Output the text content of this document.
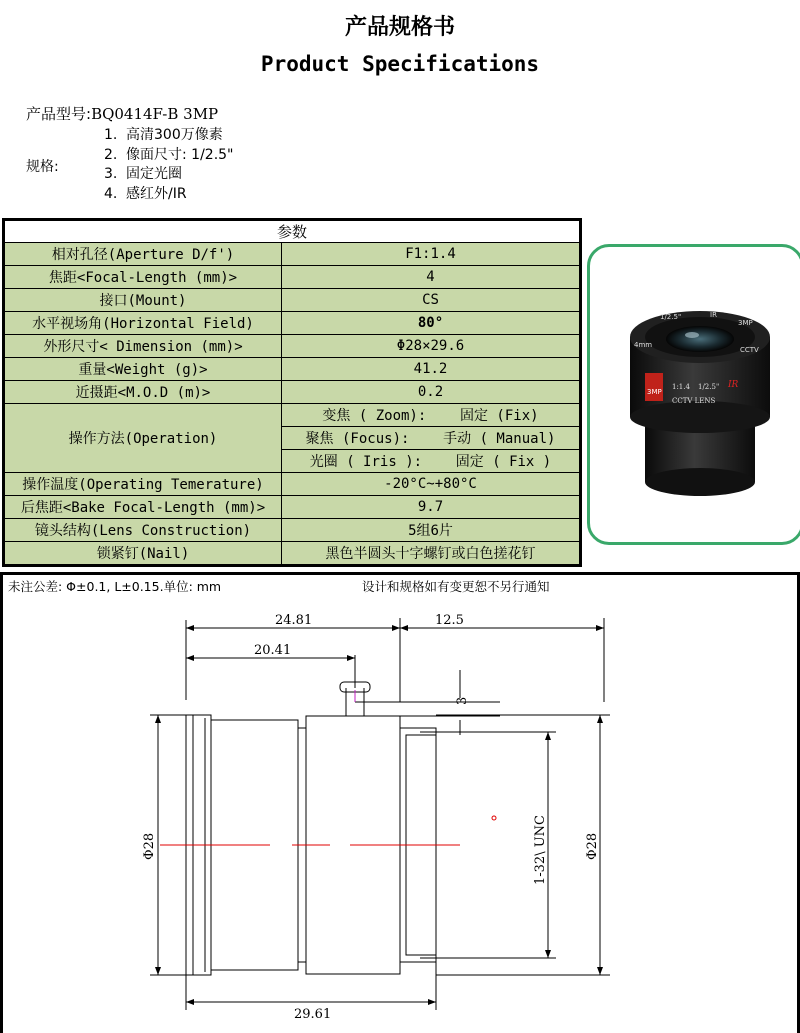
产品规格书
Product Specifications
产品型号:BQ0414F-B 3MP
规格:
1. 高清300万像素
2. 像面尺寸: 1/2.5"
3. 固定光圈
4. 感红外/IR
参数	
相对孔径(Aperture D/f')	F1:1.4
焦距<Focal-Length (mm)>	4
接口(Mount)	CS
水平视场角(Horizontal Field)	80°
外形尺寸< Dimension (mm)>	Φ28×29.6
重量<Weight (g)>	41.2
近摄距<M.O.D (m)>	0.2
操作方法(Operation)	变焦 ( Zoom): 固定 (Fix)
	聚焦 (Focus): 手动 ( Manual)
	光圈 ( Iris ): 固定 ( Fix )
操作温度(Operating Temerature)	-20°C~+80°C
后焦距<Bake Focal-Length (mm)>	9.7
镜头结构(Lens Construction)	5组6片
锁紧钉(Nail)	黑色半圆头十字螺钉或白色搓花钉
1/2.5"	IR
3MP
CCTV
4mm
3MP
1:1.4 1/2.5" IR
CCTV LENS
未注公差: Φ±0.1, L±0.15.单位: mm	设计和规格如有变更恕不另行通知
24.81	12.5
20.41
3
Φ28	1-32\ UNC	Φ28
29.61
